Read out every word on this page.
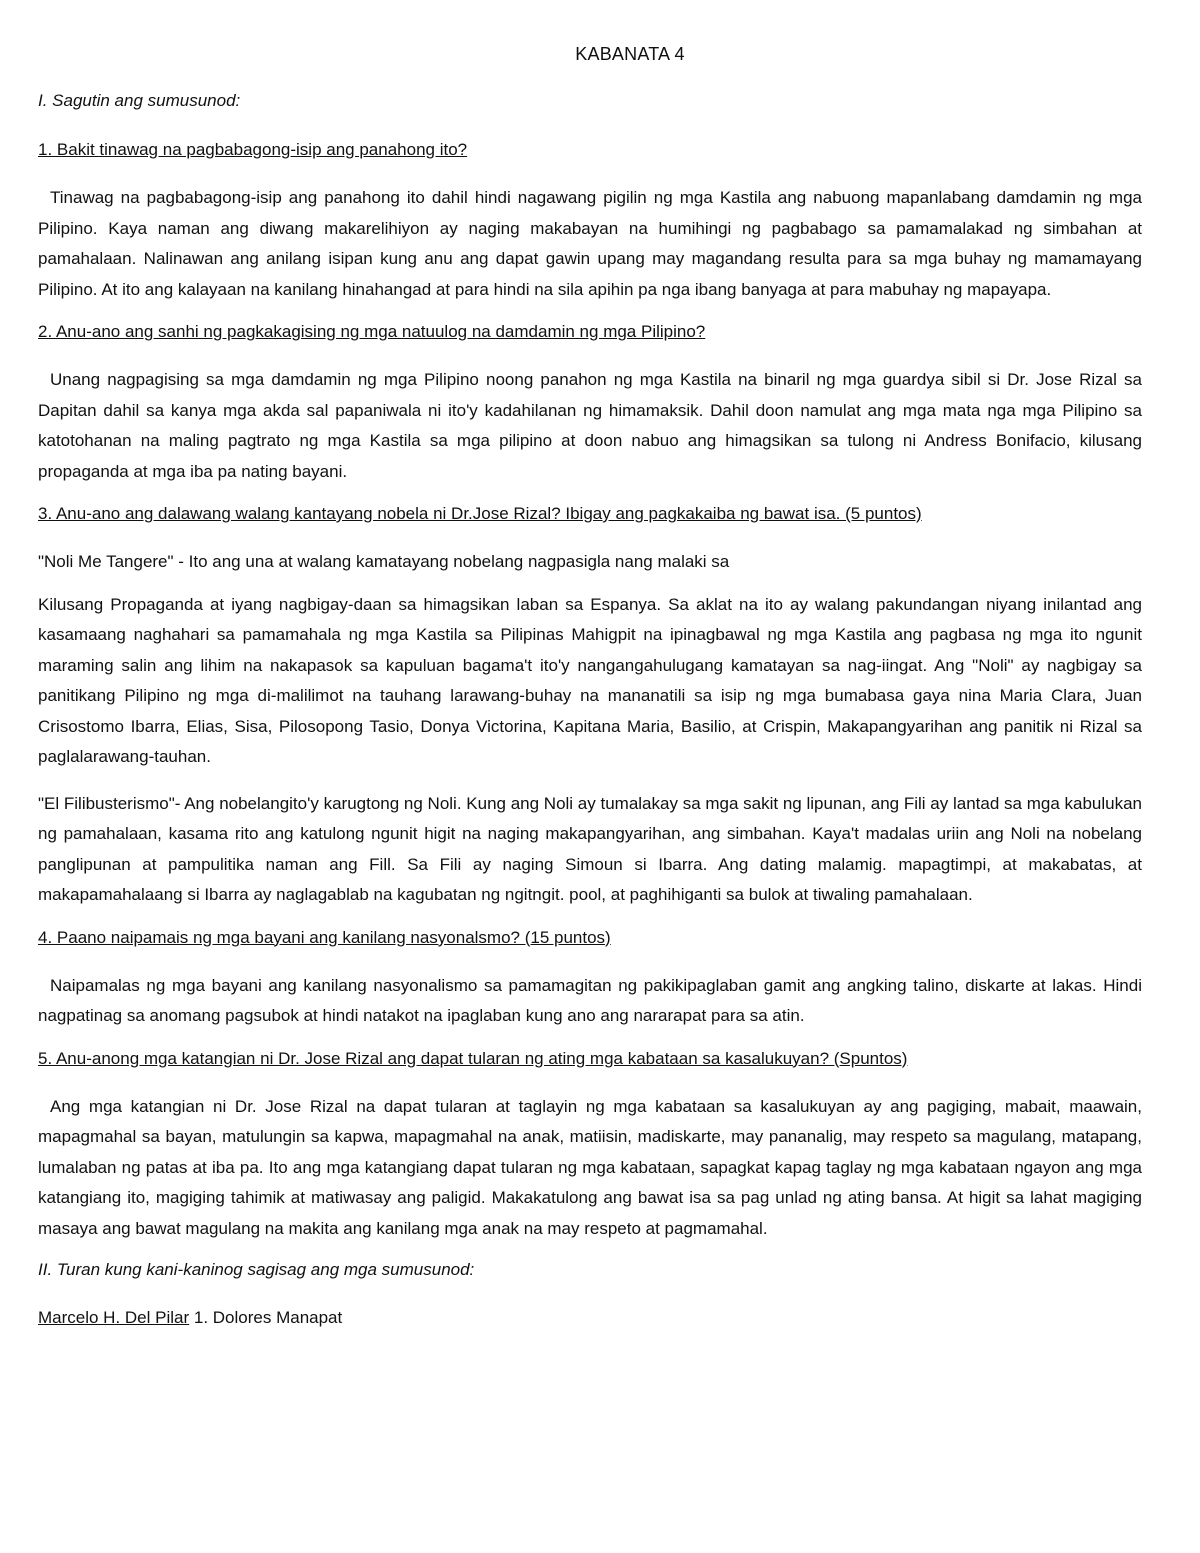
KABANATA 4
I. Sagutin ang sumusunod:
1. Bakit tinawag na pagbabagong-isip ang panahong ito?

Tinawag na pagbabagong-isip ang panahong ito dahil hindi nagawang pigilin ng mga Kastila ang nabuong mapanlabang damdamin ng mga Pilipino. Kaya naman ang diwang makarelihiyon ay naging makabayan na humihingi ng pagbabago sa pamamalakad ng simbahan at pamahalaan. Nalinawan ang anilang isipan kung anu ang dapat gawin upang may magandang resulta para sa mga buhay ng mamamayang Pilipino. At ito ang kalayaan na kanilang hinahangad at para hindi na sila apihin pa nga ibang banyaga at para mabuhay ng mapayapa.

2. Anu-ano ang sanhi ng pagkakagising ng mga natuulog na damdamin ng mga Pilipino?

Unang nagpagising sa mga damdamin ng mga Pilipino noong panahon ng mga Kastila na binaril ng mga guardya sibil si Dr. Jose Rizal sa Dapitan dahil sa kanya mga akda sal papaniwala ni ito'y kadahilanan ng himamaksik. Dahil doon namulat ang mga mata nga mga Pilipino sa katotohanan na maling pagtrato ng mga Kastila sa mga pilipino at doon nabuo ang himagsikan sa tulong ni Andress Bonifacio, kilusang propaganda at mga iba pa nating bayani.

3. Anu-ano ang dalawang walang kantayang nobela ni Dr.Jose Rizal? Ibigay ang pagkakaiba ng bawat isa. (5 puntos)

"Noli Me Tangere" - Ito ang una at walang kamatayang nobelang nagpasigla nang malaki sa

Kilusang Propaganda at iyang nagbigay-daan sa himagsikan laban sa Espanya. Sa aklat na ito ay walang pakundangan niyang inilantad ang kasamaang naghahari sa pamamahala ng mga Kastila sa Pilipinas Mahigpit na ipinagbawal ng mga Kastila ang pagbasa ng mga ito ngunit maraming salin ang lihim na nakapasok sa kapuluan bagama't ito'y nangangahulugang kamatayan sa nag-iingat. Ang "Noli" ay nagbigay sa panitikang Pilipino ng mga di-malilimot na tauhang larawang-buhay na mananatili sa isip ng mga bumabasa gaya nina Maria Clara, Juan Crisostomo Ibarra, Elias, Sisa, Pilosopong Tasio, Donya Victorina, Kapitana Maria, Basilio, at Crispin, Makapangyarihan ang panitik ni Rizal sa paglalarawang-tauhan.

"El Filibusterismo"- Ang nobelangito'y karugtong ng Noli. Kung ang Noli ay tumalakay sa mga sakit ng lipunan, ang Fili ay lantad sa mga kabulukan ng pamahalaan, kasama rito ang katulong ngunit higit na naging makapangyarihan, ang simbahan. Kaya't madalas uriin ang Noli na nobelang panglipunan at pampulitika naman ang Fill. Sa Fili ay naging Simoun si Ibarra. Ang dating malamig. mapagtimpi, at makabatas, at makapamahalaang si Ibarra ay naglagablab na kagubatan ng ngitngit. pool, at paghihiganti sa bulok at tiwaling pamahalaan.

4. Paano naipamais ng mga bayani ang kanilang nasyonalsmo? (15 puntos)

Naipamalas ng mga bayani ang kanilang nasyonalismo sa pamamagitan ng pakikipaglaban gamit ang angking talino, diskarte at lakas. Hindi nagpatinag sa anomang pagsubok at hindi natakot na ipaglaban kung ano ang nararapat para sa atin.

5. Anu-anong mga katangian ni Dr. Jose Rizal ang dapat tularan ng ating mga kabataan sa kasalukuyan? (Spuntos)

Ang mga katangian ni Dr. Jose Rizal na dapat tularan at taglayin ng mga kabataan sa kasalukuyan ay ang pagiging, mabait, maawain, mapagmahal sa bayan, matulungin sa kapwa, mapagmahal na anak, matiisin, madiskarte, may pananalig, may respeto sa magulang, matapang, lumalaban ng patas at iba pa. Ito ang mga katangiang dapat tularan ng mga kabataan, sapagkat kapag taglay ng mga kabataan ngayon ang mga katangiang ito, magiging tahimik at matiwasay ang paligid. Makakatulong ang bawat isa sa pag unlad ng ating bansa. At higit sa lahat magiging masaya ang bawat magulang na makita ang kanilang mga anak na may respeto at pagmamahal.

II. Turan kung kani-kaninog sagisag ang mga sumusunod:

Marcelo H. Del Pilar 1. Dolores Manapat
